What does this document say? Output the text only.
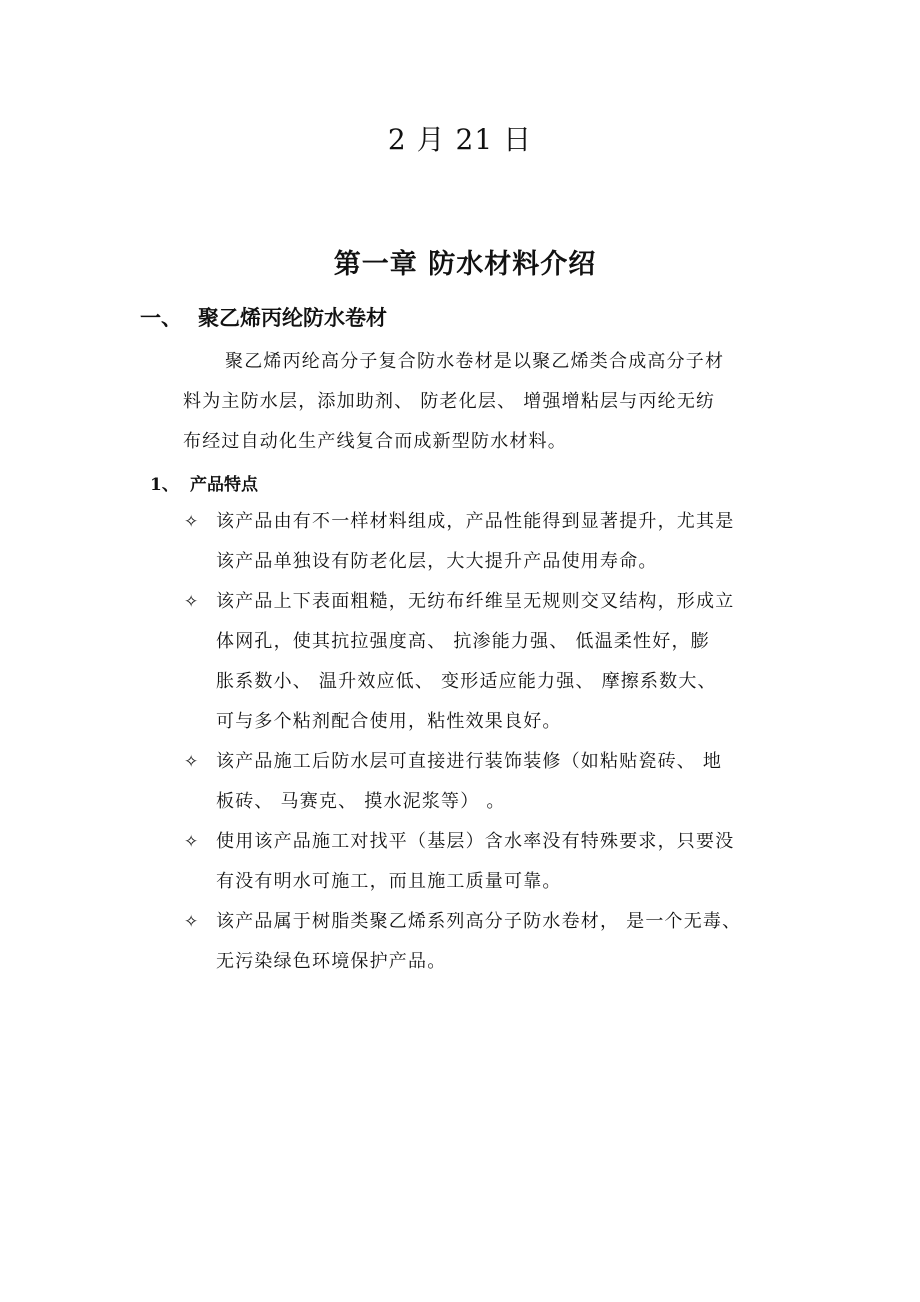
2 月 21 日
第一章 防水材料介绍
一、 聚乙烯丙纶防水卷材
聚乙烯丙纶高分子复合防水卷材是以聚乙烯类合成高分子材
料为主防水层，添加助剂、 防老化层、 增强增粘层与丙纶无纺
布经过自动化生产线复合而成新型防水材料。
1、 产品特点
✧ 该产品由有不一样材料组成，产品性能得到显著提升，尤其是
该产品单独设有防老化层，大大提升产品使用寿命。
✧ 该产品上下表面粗糙，无纺布纤维呈无规则交叉结构，形成立
体网孔，使其抗拉强度高、 抗渗能力强、 低温柔性好，膨
胀系数小、 温升效应低、 变形适应能力强、 摩擦系数大、
可与多个粘剂配合使用，粘性效果良好。
✧ 该产品施工后防水层可直接进行装饰装修（如粘贴瓷砖、 地
板砖、 马赛克、 摸水泥浆等） 。
✧ 使用该产品施工对找平（基层）含水率没有特殊要求，只要没
有没有明水可施工，而且施工质量可靠。
✧ 该产品属于树脂类聚乙烯系列高分子防水卷材， 是一个无毒、
无污染绿色环境保护产品。
